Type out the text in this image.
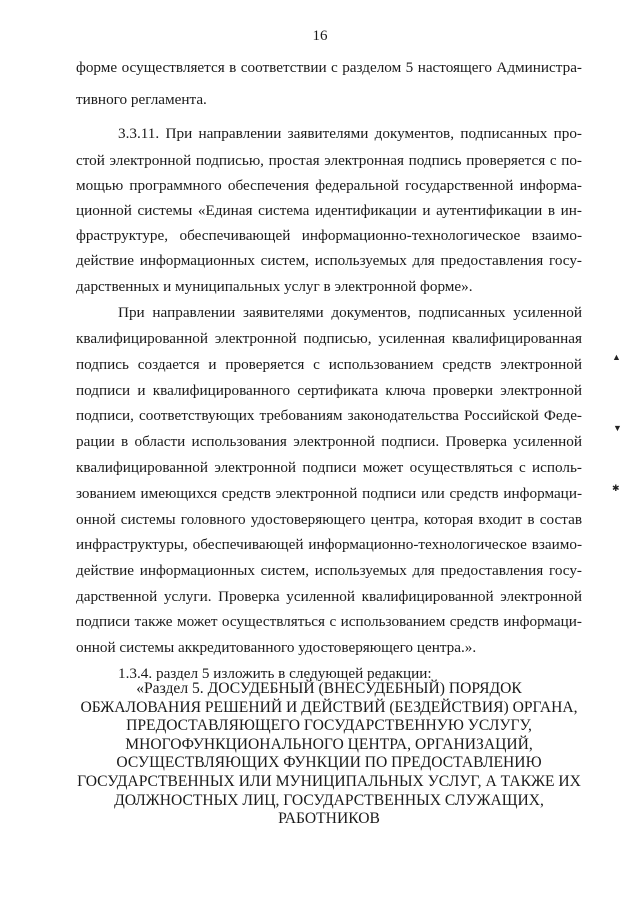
16
форме осуществляется в соответствии с разделом 5 настоящего Администра-
тивного регламента.
3.3.11. При направлении заявителями документов, подписанных про-
стой электронной подписью, простая электронная подпись проверяется с по-
мощью программного обеспечения федеральной государственной информа-
ционной системы «Единая система идентификации и аутентификации в ин-
фраструктуре, обеспечивающей информационно-технологическое взаимо-
действие информационных систем, используемых для предоставления госу-
дарственных и муниципальных услуг в электронной форме».
При направлении заявителями документов, подписанных усиленной
квалифицированной электронной подписью, усиленная квалифицированная
подпись создается и проверяется с использованием средств электронной
подписи и квалифицированного сертификата ключа проверки электронной
подписи, соответствующих требованиям законодательства Российской Феде-
рации в области использования электронной подписи. Проверка усиленной
квалифицированной электронной подписи может осуществляться с исполь-
зованием имеющихся средств электронной подписи или средств информаци-
онной системы головного удостоверяющего центра, которая входит в состав
инфраструктуры, обеспечивающей информационно-технологическое взаимо-
действие информационных систем, используемых для предоставления госу-
дарственной услуги. Проверка усиленной квалифицированной электронной
подписи также может осуществляться с использованием средств информаци-
онной системы аккредитованного удостоверяющего центра.».
1.3.4. раздел 5 изложить в следующей редакции:
«Раздел 5. ДОСУДЕБНЫЙ (ВНЕСУДЕБНЫЙ) ПОРЯДОК
ОБЖАЛОВАНИЯ РЕШЕНИЙ И ДЕЙСТВИЙ (БЕЗДЕЙСТВИЯ) ОРГАНА,
ПРЕДОСТАВЛЯЮЩЕГО ГОСУДАРСТВЕННУЮ УСЛУГУ,
МНОГОФУНКЦИОНАЛЬНОГО ЦЕНТРА, ОРГАНИЗАЦИЙ,
ОСУЩЕСТВЛЯЮЩИХ ФУНКЦИИ ПО ПРЕДОСТАВЛЕНИЮ
ГОСУДАРСТВЕННЫХ ИЛИ МУНИЦИПАЛЬНЫХ УСЛУГ, А ТАКЖЕ ИХ
ДОЛЖНОСТНЫХ ЛИЦ, ГОСУДАРСТВЕННЫХ СЛУЖАЩИХ,
РАБОТНИКОВ
▲
▼
✱
